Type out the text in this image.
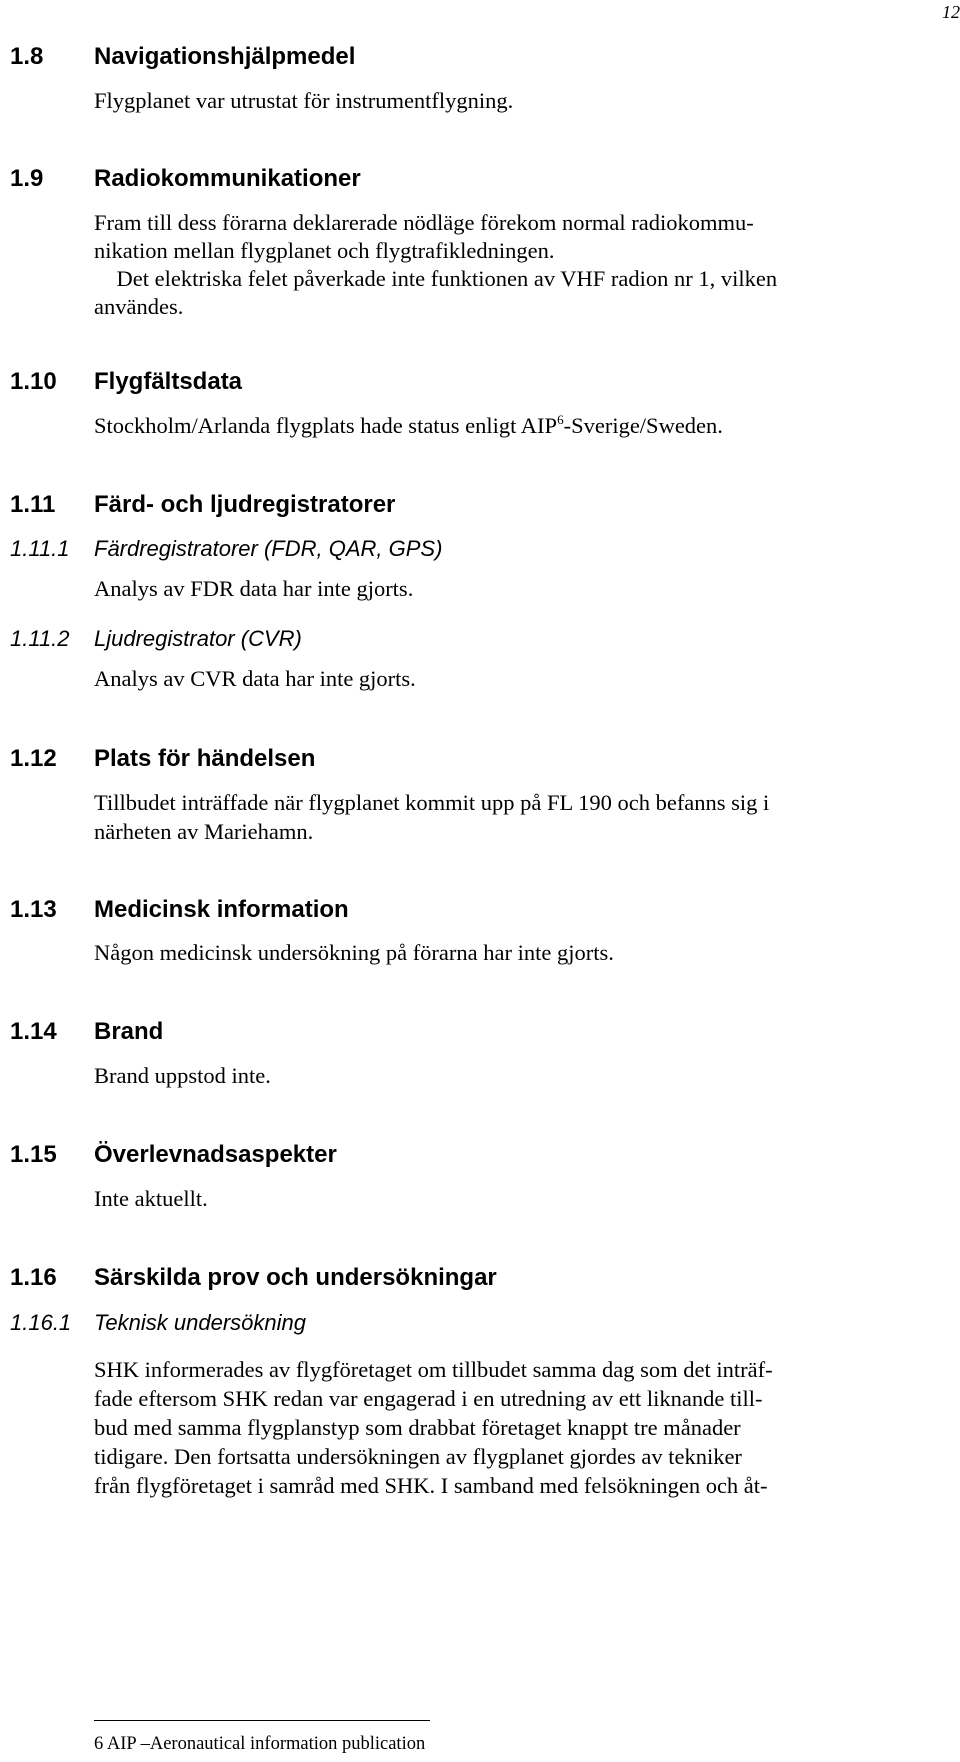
12
1.8 Navigationshjälpmedel
Flygplanet var utrustat för instrumentflygning.
1.9 Radiokommunikationer
Fram till dess förarna deklarerade nödläge förekom normal radiokommu-
nikation mellan flygplanet och flygtrafikledningen.
Det elektriska felet påverkade inte funktionen av VHF radion nr 1, vilken
användes.
1.10 Flygfältsdata
Stockholm/Arlanda flygplats hade status enligt AIP$^6$-Sverige/Sweden.
1.11 Färd- och ljudregistratorer
1.11.1 Färdregistratorer (FDR, QAR, GPS)
Analys av FDR data har inte gjorts.
1.11.2 Ljudregistrator (CVR)
Analys av CVR data har inte gjorts.
1.12 Plats för händelsen
Tillbudet inträffade när flygplanet kommit upp på FL 190 och befanns sig i
närheten av Mariehamn.
1.13 Medicinsk information
Någon medicinsk undersökning på förarna har inte gjorts.
1.14 Brand
Brand uppstod inte.
1.15 Överlevnadsaspekter
Inte aktuellt.
1.16 Särskilda prov och undersökningar
1.16.1 Teknisk undersökning
SHK informerades av flygföretaget om tillbudet samma dag som det inträf-
fade eftersom SHK redan var engagerad i en utredning av ett liknande till-
bud med samma flygplanstyp som drabbat företaget knappt tre månader
tidigare. Den fortsatta undersökningen av flygplanet gjordes av tekniker
från flygföretaget i samråd med SHK. I samband med felsökningen och åt-
6 AIP –Aeronautical information publication
